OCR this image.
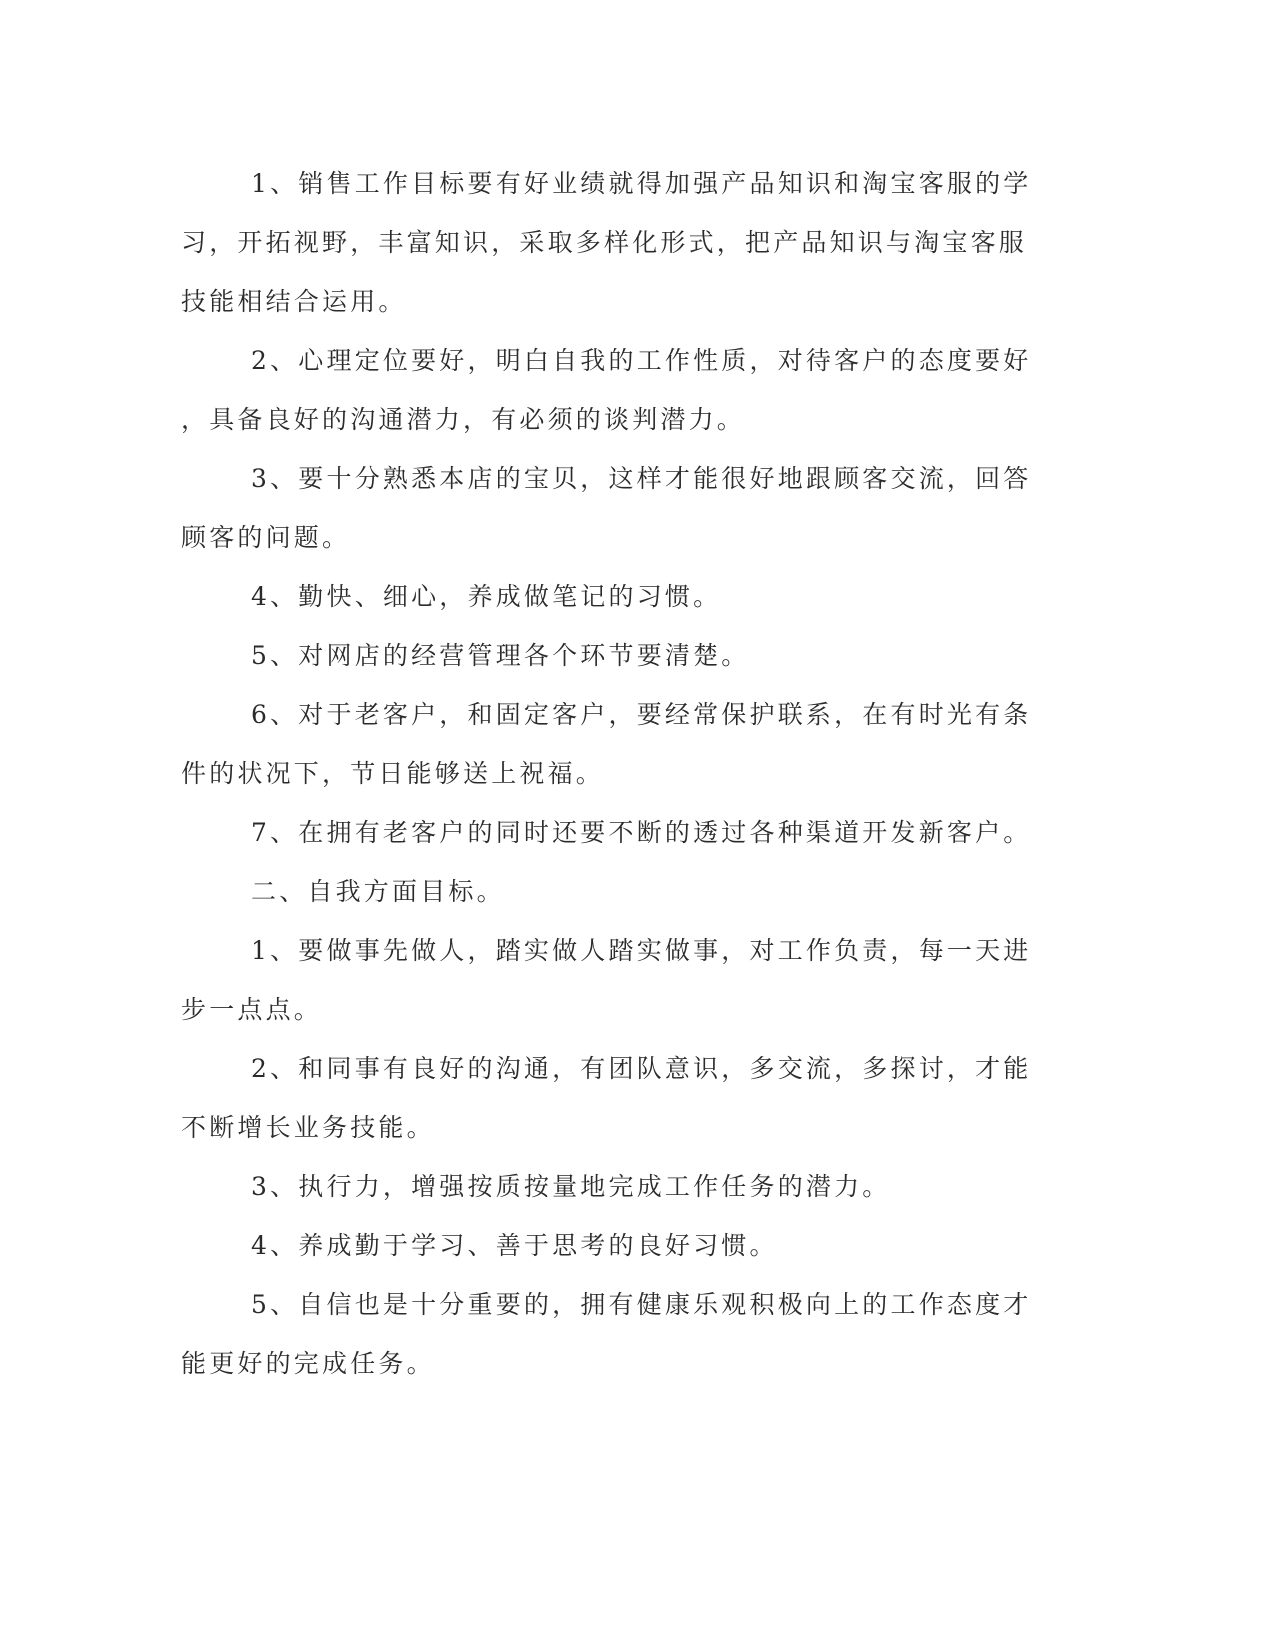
1、销售工作目标要有好业绩就得加强产品知识和淘宝客服的学
习，开拓视野，丰富知识，采取多样化形式，把产品知识与淘宝客服
技能相结合运用。
2、心理定位要好，明白自我的工作性质，对待客户的态度要好
，具备良好的沟通潜力，有必须的谈判潜力。
3、要十分熟悉本店的宝贝，这样才能很好地跟顾客交流，回答
顾客的问题。
4、勤快、细心，养成做笔记的习惯。
5、对网店的经营管理各个环节要清楚。
6、对于老客户，和固定客户，要经常保护联系，在有时光有条
件的状况下，节日能够送上祝福。
7、在拥有老客户的同时还要不断的透过各种渠道开发新客户。
二、自我方面目标。
1、要做事先做人，踏实做人踏实做事，对工作负责，每一天进
步一点点。
2、和同事有良好的沟通，有团队意识，多交流，多探讨，才能
不断增长业务技能。
3、执行力，增强按质按量地完成工作任务的潜力。
4、养成勤于学习、善于思考的良好习惯。
5、自信也是十分重要的，拥有健康乐观积极向上的工作态度才
能更好的完成任务。
